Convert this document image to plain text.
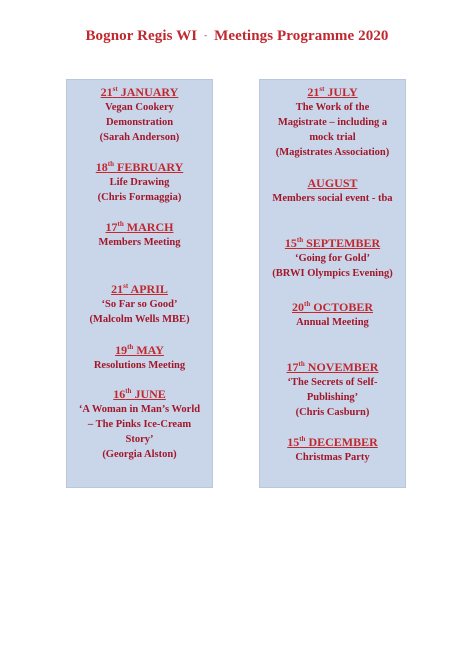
Bognor Regis WI - Meetings Programme 2020
21st JANUARY
Vegan Cookery
Demonstration
(Sarah Anderson)
18th FEBRUARY
Life Drawing
(Chris Formaggia)
17th MARCH
Members Meeting
21st APRIL
‘So Far so Good’
(Malcolm Wells MBE)
19th MAY
Resolutions Meeting
16th JUNE
‘A Woman in Man’s World
– The Pinks Ice-Cream
Story’
(Georgia Alston)
21st JULY
The Work of the
Magistrate – including a
mock trial
(Magistrates Association)
AUGUST
Members social event - tba
15th SEPTEMBER
‘Going for Gold’
(BRWI Olympics Evening)
20th OCTOBER
Annual Meeting
17th NOVEMBER
‘The Secrets of Self-
Publishing’
(Chris Casburn)
15th DECEMBER
Christmas Party
